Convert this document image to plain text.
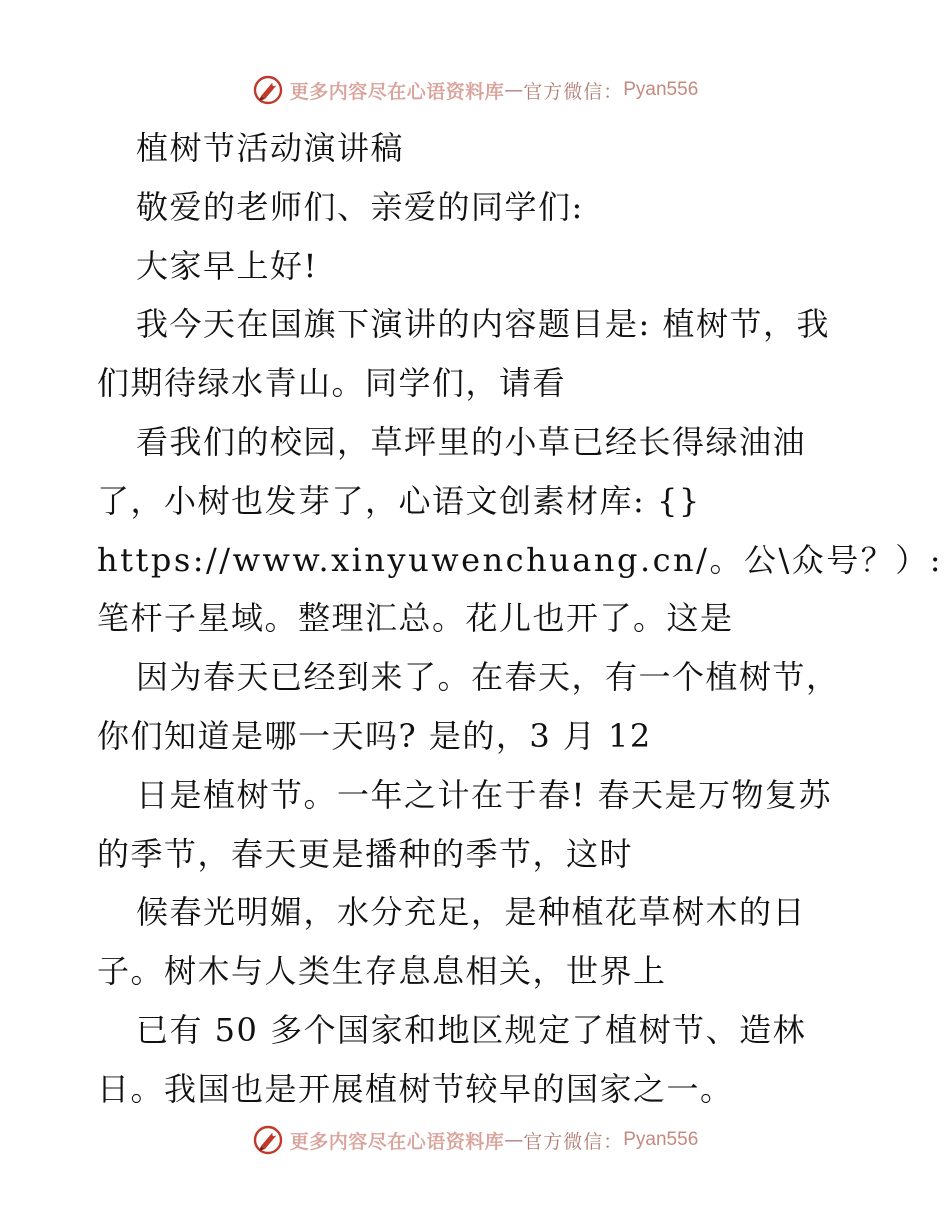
更多内容尽在心语资料库 — 官方微信： Pyan556
植树节活动演讲稿
敬爱的老师们、亲爱的同学们:
大家早上好!
我今天在国旗下演讲的内容题目是: 植树节，我
们期待绿水青山。同学们，请看
看我们的校园，草坪里的小草已经长得绿油油
了，小树也发芽了，心语文创素材库: {}
https://www.xinyuwenchuang.cn/。公\众号？）:
笔杆子星域。整理汇总。花儿也开了。这是
因为春天已经到来了。在春天，有一个植树节，
你们知道是哪一天吗? 是的，3 月 12
日是植树节。一年之计在于春! 春天是万物复苏
的季节，春天更是播种的季节，这时
候春光明媚，水分充足，是种植花草树木的日
子。树木与人类生存息息相关，世界上
已有 50 多个国家和地区规定了植树节、造林
日。我国也是开展植树节较早的国家之一。
更多内容尽在心语资料库 — 官方微信： Pyan556
